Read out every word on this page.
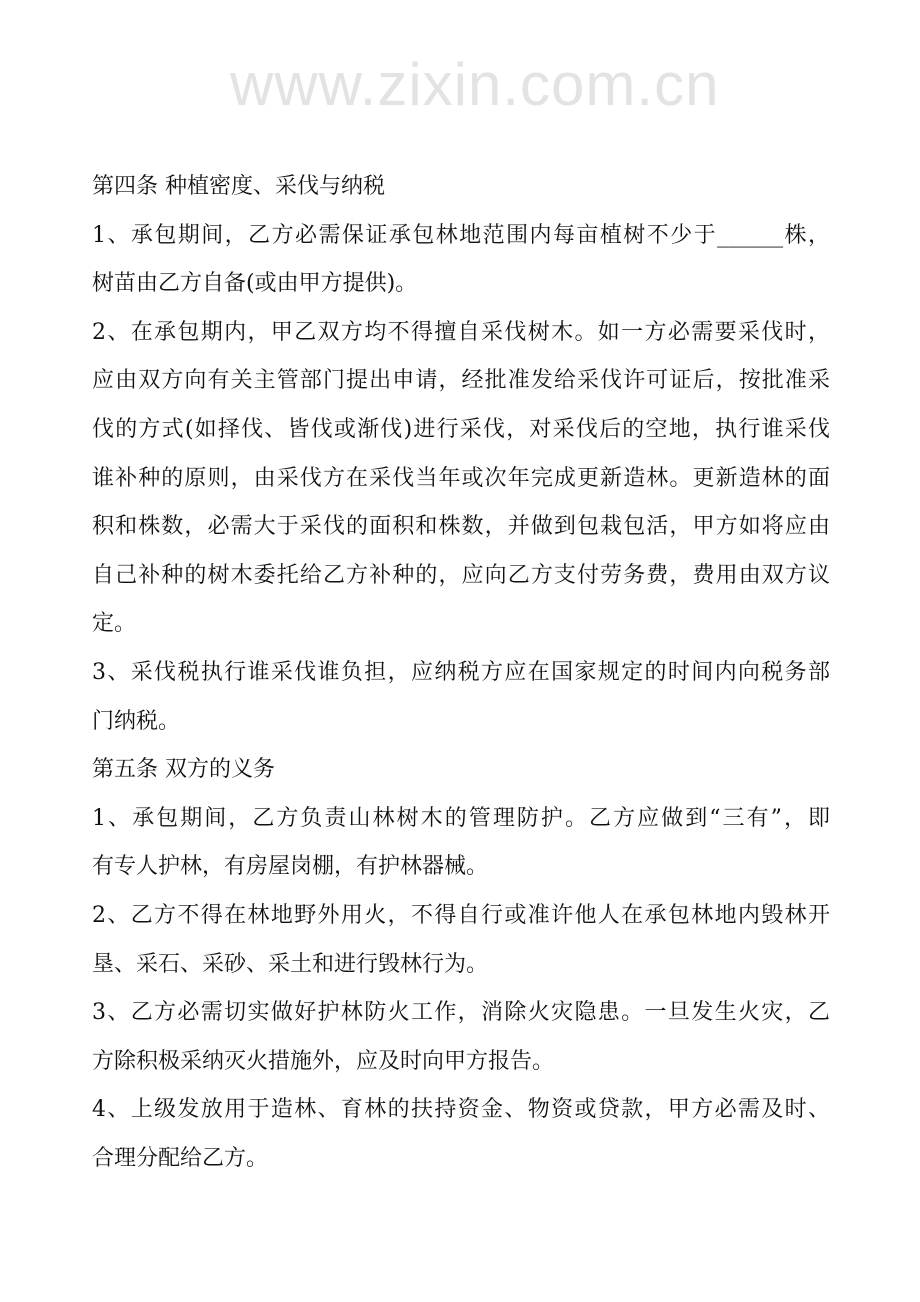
www.zixin.com.cn
第四条 种植密度、采伐与纳税
1、承包期间，乙方必需保证承包林地范围内每亩植树不少于______株，
树苗由乙方自备(或由甲方提供)。
2、在承包期内，甲乙双方均不得擅自采伐树木。如一方必需要采伐时，
应由双方向有关主管部门提出申请，经批准发给采伐许可证后，按批准采
伐的方式(如择伐、皆伐或渐伐)进行采伐，对采伐后的空地，执行谁采伐
谁补种的原则，由采伐方在采伐当年或次年完成更新造林。更新造林的面
积和株数，必需大于采伐的面积和株数，并做到包栽包活，甲方如将应由
自己补种的树木委托给乙方补种的，应向乙方支付劳务费，费用由双方议
定。
3、采伐税执行谁采伐谁负担，应纳税方应在国家规定的时间内向税务部
门纳税。
第五条 双方的义务
1、承包期间，乙方负责山林树木的管理防护。乙方应做到“三有”，即
有专人护林，有房屋岗棚，有护林器械。
2、乙方不得在林地野外用火，不得自行或准许他人在承包林地内毁林开
垦、采石、采砂、采土和进行毁林行为。
3、乙方必需切实做好护林防火工作，消除火灾隐患。一旦发生火灾，乙
方除积极采纳灭火措施外，应及时向甲方报告。
4、上级发放用于造林、育林的扶持资金、物资或贷款，甲方必需及时、
合理分配给乙方。
